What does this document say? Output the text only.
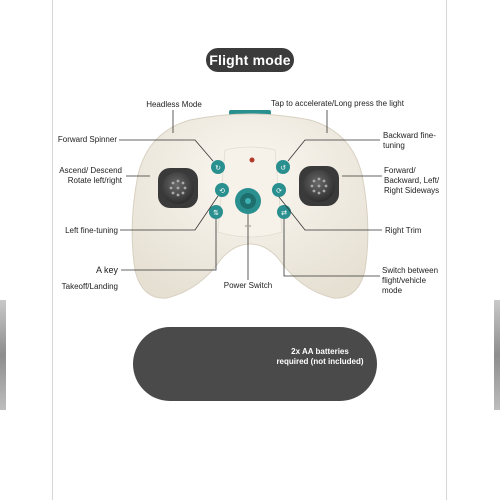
Flight mode
↻
⟲
⇅
↺
⟳
⇄
Headless Mode	Tap to accelerate/Long press the light
Forward Spinner	Backward fine-tuning
Ascend/ Descend Rotate left/right
Forward/ Backward, Left/ Right Sideways
Left fine-tuning	Right Trim
A key
Takeoff/Landing	Power Switch
Switch between flight/vehicle mode
2x AA batteries required (not included)
